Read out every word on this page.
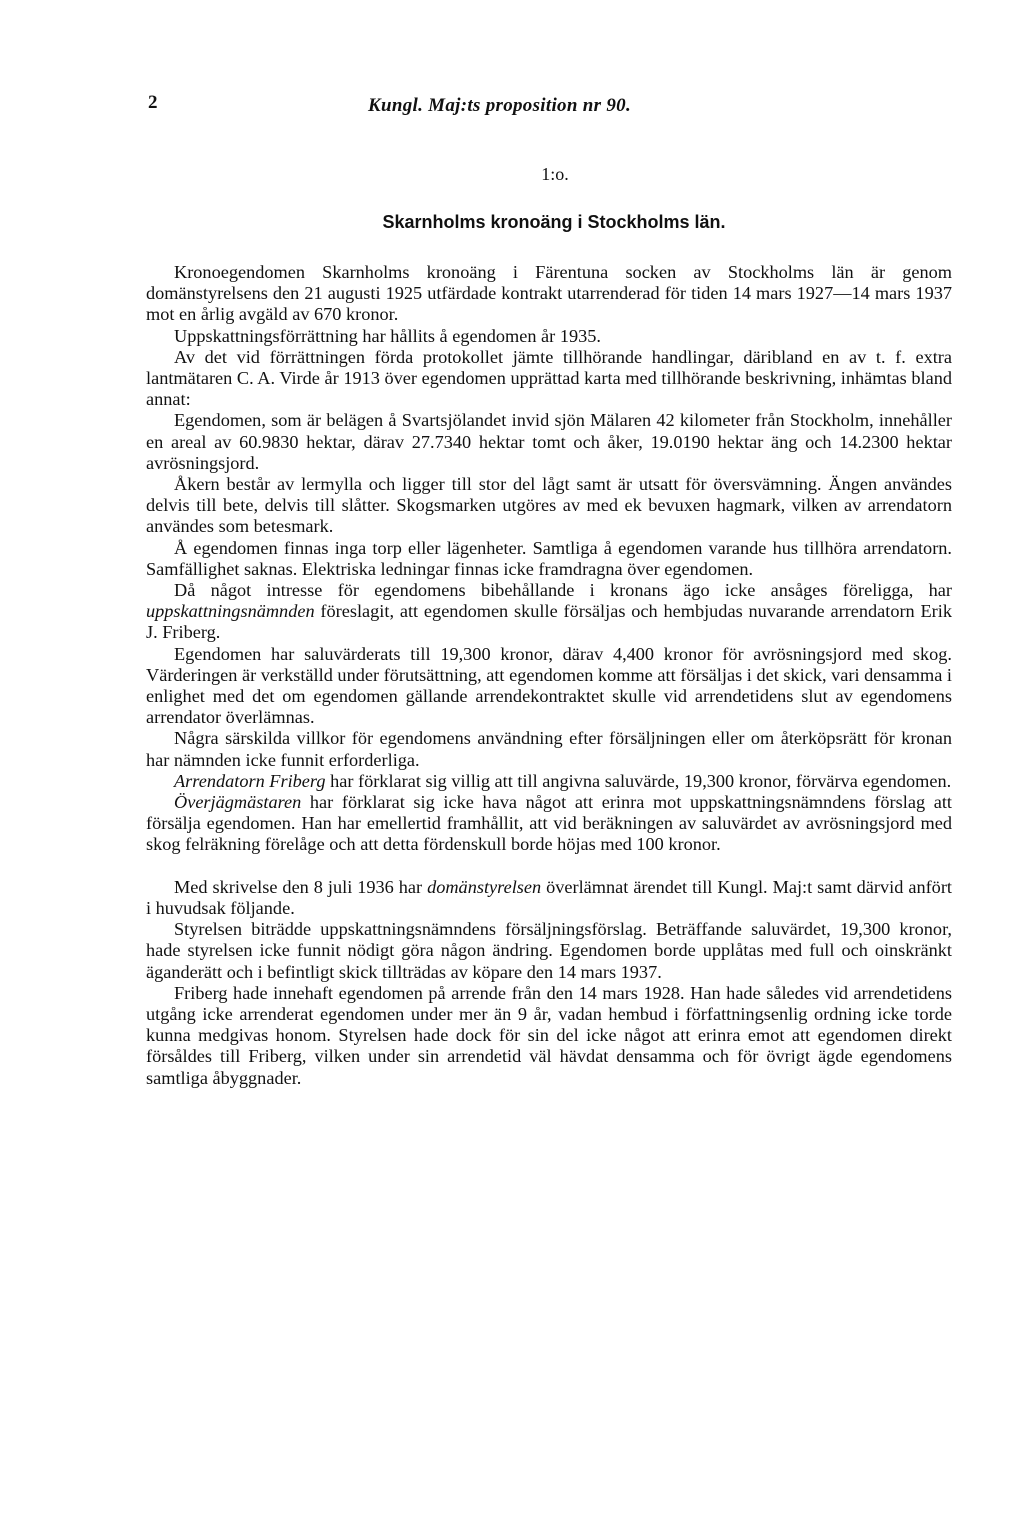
2	Kungl. Maj:ts proposition nr 90.
1:o.
Skarnholms kronoäng i Stockholms län.

Kronoegendomen Skarnholms kronoäng i Färentuna socken av Stockholms län är genom domänstyrelsens den 21 augusti 1925 utfärdade kontrakt utarrenderad för tiden 14 mars 1927—14 mars 1937 mot en årlig avgäld av 670 kronor.

Uppskattningsförrättning har hållits å egendomen år 1935.

Av det vid förrättningen förda protokollet jämte tillhörande handlingar, däribland en av t. f. extra lantmätaren C. A. Virde år 1913 över egendomen upprättad karta med tillhörande beskrivning, inhämtas bland annat:

Egendomen, som är belägen å Svartsjölandet invid sjön Mälaren 42 kilometer från Stockholm, innehåller en areal av 60.9830 hektar, därav 27.7340 hektar tomt och åker, 19.0190 hektar äng och 14.2300 hektar avrösningsjord.

Åkern består av lermylla och ligger till stor del lågt samt är utsatt för översvämning. Ängen användes delvis till bete, delvis till slåtter. Skogsmarken utgöres av med ek bevuxen hagmark, vilken av arrendatorn användes som betesmark.

Å egendomen finnas inga torp eller lägenheter. Samtliga å egendomen varande hus tillhöra arrendatorn. Samfällighet saknas. Elektriska ledningar finnas icke framdragna över egendomen.

Då något intresse för egendomens bibehållande i kronans ägo icke ansåges föreligga, har uppskattningsnämnden föreslagit, att egendomen skulle försäljas och hembjudas nuvarande arrendatorn Erik J. Friberg.

Egendomen har saluvärderats till 19,300 kronor, därav 4,400 kronor för avrösningsjord med skog. Värderingen är verkställd under förutsättning, att egendomen komme att försäljas i det skick, vari densamma i enlighet med det om egendomen gällande arrendekontraktet skulle vid arrendetidens slut av egendomens arrendator överlämnas.

Några särskilda villkor för egendomens användning efter försäljningen eller om återköpsrätt för kronan har nämnden icke funnit erforderliga.

Arrendatorn Friberg har förklarat sig villig att till angivna saluvärde, 19,300 kronor, förvärva egendomen.

Överjägmästaren har förklarat sig icke hava något att erinra mot uppskattningsnämndens förslag att försälja egendomen. Han har emellertid framhållit, att vid beräkningen av saluvärdet av avrösningsjord med skog felräkning förelåge och att detta fördenskull borde höjas med 100 kronor.

Med skrivelse den 8 juli 1936 har domänstyrelsen överlämnat ärendet till Kungl. Maj:t samt därvid anfört i huvudsak följande.

Styrelsen biträdde uppskattningsnämndens försäljningsförslag. Beträffande saluvärdet, 19,300 kronor, hade styrelsen icke funnit nödigt göra någon ändring. Egendomen borde upplåtas med full och oinskränkt äganderätt och i befintligt skick tillträdas av köpare den 14 mars 1937.

Friberg hade innehaft egendomen på arrende från den 14 mars 1928. Han hade således vid arrendetidens utgång icke arrenderat egendomen under mer än 9 år, vadan hembud i författningsenlig ordning icke torde kunna medgivas honom. Styrelsen hade dock för sin del icke något att erinra emot att egendomen direkt försåldes till Friberg, vilken under sin arrendetid väl hävdat densamma och för övrigt ägde egendomens samtliga åbyggnader.
